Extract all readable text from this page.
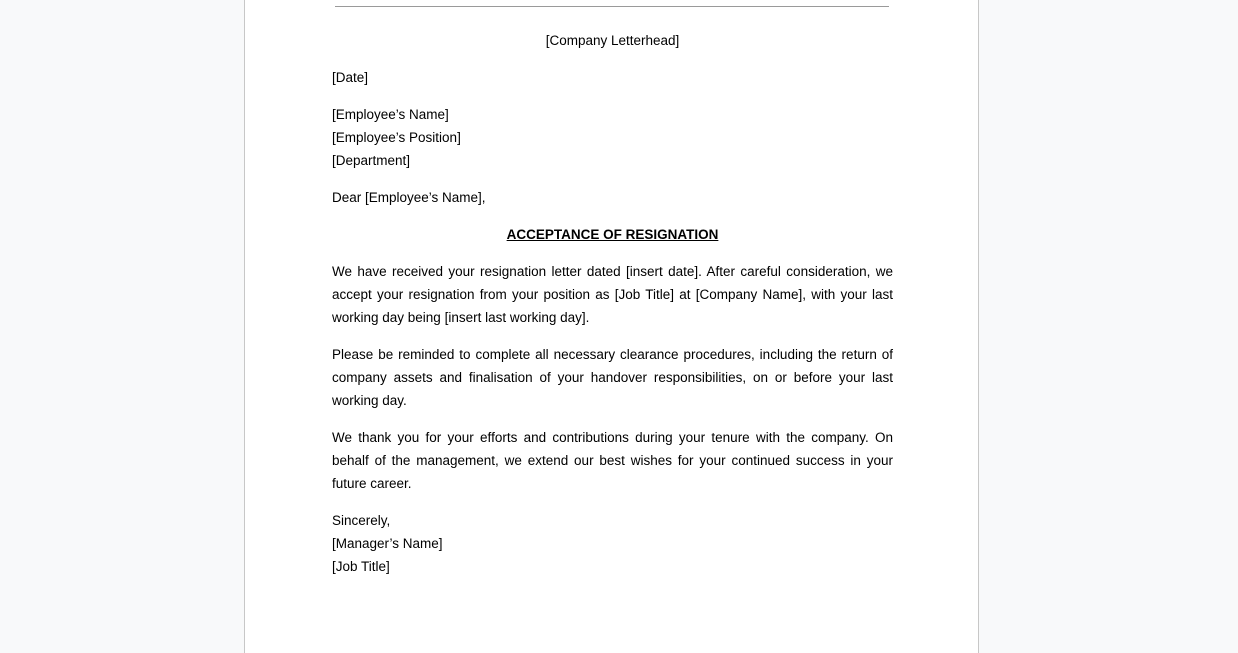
[Company Letterhead]

[Date]

[Employee’s Name]
[Employee’s Position]
[Department]

Dear [Employee’s Name],

ACCEPTANCE OF RESIGNATION

We have received your resignation letter dated [insert date]. After careful consideration, we accept your resignation from your position as [Job Title] at [Company Name], with your last working day being [insert last working day].

Please be reminded to complete all necessary clearance procedures, including the return of company assets and finalisation of your handover responsibilities, on or before your last working day.

We thank you for your efforts and contributions during your tenure with the company. On behalf of the management, we extend our best wishes for your continued success in your future career.

Sincerely,
[Manager’s Name]
[Job Title]
